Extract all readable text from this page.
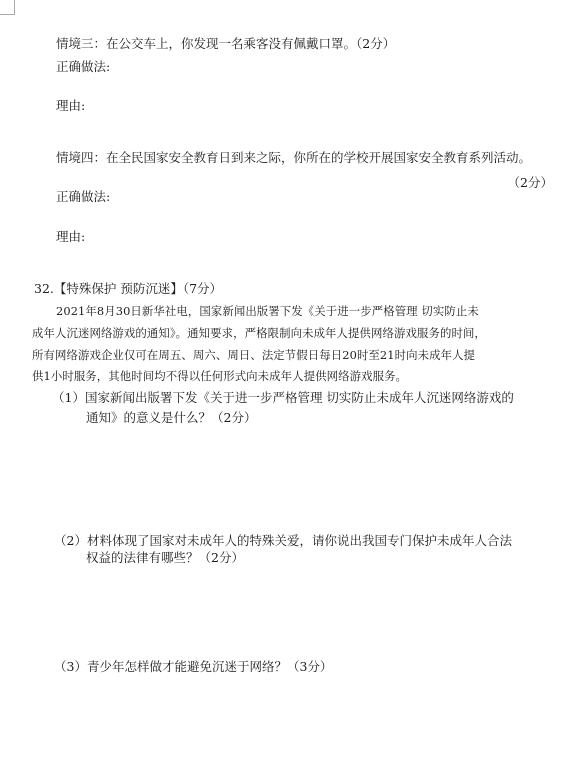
情境三：在公交车上，你发现一名乘客没有佩戴口罩。（2分）
正确做法:
理由:
情境四：在全民国家安全教育日到来之际，你所在的学校开展国家安全教育系列活动。
（2分）
正确做法:
理由:
32.【特殊保护 预防沉迷】（7分）
2021年8月30日新华社电，国家新闻出版署下发《关于进一步严格管理 切实防止未
成年人沉迷网络游戏的通知》。通知要求，严格限制向未成年人提供网络游戏服务的时间，
所有网络游戏企业仅可在周五、周六、周日、法定节假日每日20时至21时向未成年人提
供1小时服务，其他时间均不得以任何形式向未成年人提供网络游戏服务。
（1）国家新闻出版署下发《关于进一步严格管理 切实防止未成年人沉迷网络游戏的
通知》的意义是什么？（2分）
（2）材料体现了国家对未成年人的特殊关爱，请你说出我国专门保护未成年人合法
权益的法律有哪些？（2分）
（3）青少年怎样做才能避免沉迷于网络？（3分）
